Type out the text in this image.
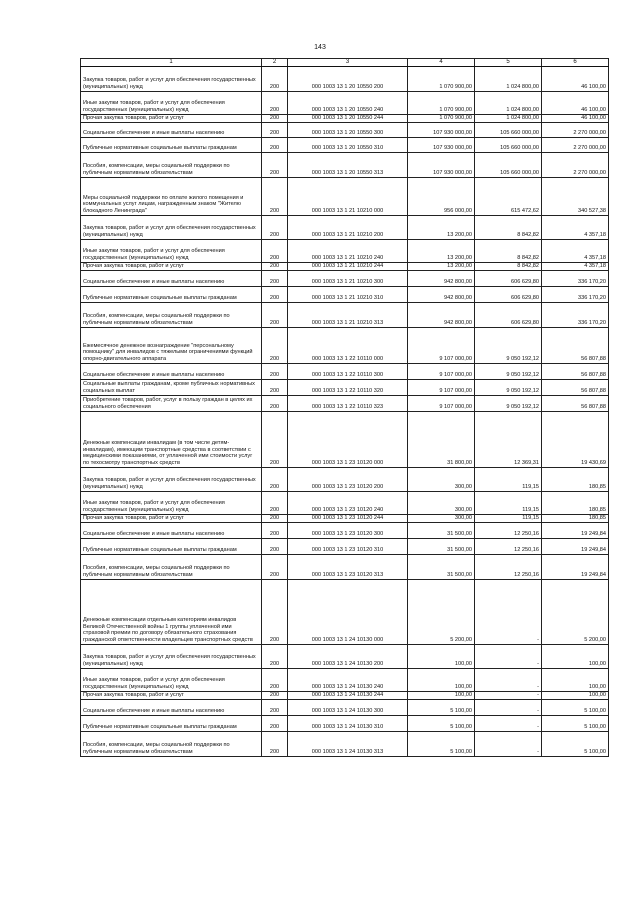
143
1	2	3	4	5	6
Закупка товаров, работ и услуг для обеспечения государственных (муниципальных) нужд	200	000 1003 13 1 20 10550 200	1 070 900,00	1 024 800,00	46 100,00
Иные закупки товаров, работ и услуг для обеспечения государственных (муниципальных) нужд	200	000 1003 13 1 20 10550 240	1 070 900,00	1 024 800,00	46 100,00
Прочая закупка товаров, работ и услуг	200	000 1003 13 1 20 10550 244	1 070 900,00	1 024 800,00	46 100,00
Социальное обеспечение и иные выплаты населению	200	000 1003 13 1 20 10550 300	107 930 000,00	105 660 000,00	2 270 000,00
Публичные нормативные социальные выплаты гражданам	200	000 1003 13 1 20 10550 310	107 930 000,00	105 660 000,00	2 270 000,00
Пособия, компенсации, меры социальной поддержки по публичным нормативным обязательствам	200	000 1003 13 1 20 10550 313	107 930 000,00	105 660 000,00	2 270 000,00
Меры социальной поддержки по оплате жилого помещения и коммунальных услуг лицам, награжденным знаком "Жителю блокадного Ленинграда"	200	000 1003 13 1 21 10210 000	956 000,00	615 472,62	340 527,38
Закупка товаров, работ и услуг для обеспечения государственных (муниципальных) нужд	200	000 1003 13 1 21 10210 200	13 200,00	8 842,82	4 357,18
Иные закупки товаров, работ и услуг для обеспечения государственных (муниципальных) нужд	200	000 1003 13 1 21 10210 240	13 200,00	8 842,82	4 357,18
Прочая закупка товаров, работ и услуг	200	000 1003 13 1 21 10210 244	13 200,00	8 842,82	4 357,18
Социальное обеспечение и иные выплаты населению	200	000 1003 13 1 21 10210 300	942 800,00	606 629,80	336 170,20
Публичные нормативные социальные выплаты гражданам	200	000 1003 13 1 21 10210 310	942 800,00	606 629,80	336 170,20
Пособия, компенсации, меры социальной поддержки по публичным нормативным обязательствам	200	000 1003 13 1 21 10210 313	942 800,00	606 629,80	336 170,20
Ежемесячное денежное вознаграждение "персональному помощнику" для инвалидов с тяжелыми ограничениями функций опорно-двигательного аппарата	200	000 1003 13 1 22 10110 000	9 107 000,00	9 050 192,12	56 807,88
Социальное обеспечение и иные выплаты населению	200	000 1003 13 1 22 10110 300	9 107 000,00	9 050 192,12	56 807,88
Социальные выплаты гражданам, кроме публичных нормативных социальных выплат	200	000 1003 13 1 22 10110 320	9 107 000,00	9 050 192,12	56 807,88
Приобретение товаров, работ, услуг в пользу граждан в целях их социального обеспечения	200	000 1003 13 1 22 10110 323	9 107 000,00	9 050 192,12	56 807,88
Денежные компенсации инвалидам (в том числе детям-инвалидам), имеющим транспортные средства в соответствии с медицинскими показаниями, от уплаченной ими стоимости услуг по техосмотру транспортных средств	200	000 1003 13 1 23 10120 000	31 800,00	12 369,31	19 430,69
Закупка товаров, работ и услуг для обеспечения государственных (муниципальных) нужд	200	000 1003 13 1 23 10120 200	300,00	119,15	180,85
Иные закупки товаров, работ и услуг для обеспечения государственных (муниципальных) нужд	200	000 1003 13 1 23 10120 240	300,00	119,15	180,85
Прочая закупка товаров, работ и услуг	200	000 1003 13 1 23 10120 244	300,00	119,15	180,85
Социальное обеспечение и иные выплаты населению	200	000 1003 13 1 23 10120 300	31 500,00	12 250,16	19 249,84
Публичные нормативные социальные выплаты гражданам	200	000 1003 13 1 23 10120 310	31 500,00	12 250,16	19 249,84
Пособия, компенсации, меры социальной поддержки по публичным нормативным обязательствам	200	000 1003 13 1 23 10120 313	31 500,00	12 250,16	19 249,84
Денежные компенсации отдельным категориям инвалидов Великой Отечественной войны 1 группы уплаченной ими страховой премии по договору обязательного страхования гражданской ответственности владельцев транспортных средств	200	000 1003 13 1 24 10130 000	5 200,00	-	5 200,00
Закупка товаров, работ и услуг для обеспечения государственных (муниципальных) нужд	200	000 1003 13 1 24 10130 200	100,00	-	100,00
Иные закупки товаров, работ и услуг для обеспечения государственных (муниципальных) нужд	200	000 1003 13 1 24 10130 240	100,00	-	100,00
Прочая закупка товаров, работ и услуг	200	000 1003 13 1 24 10130 244	100,00	-	100,00
Социальное обеспечение и иные выплаты населению	200	000 1003 13 1 24 10130 300	5 100,00	-	5 100,00
Публичные нормативные социальные выплаты гражданам	200	000 1003 13 1 24 10130 310	5 100,00	-	5 100,00
Пособия, компенсации, меры социальной поддержки по публичным нормативным обязательствам	200	000 1003 13 1 24 10130 313	5 100,00	-	5 100,00
